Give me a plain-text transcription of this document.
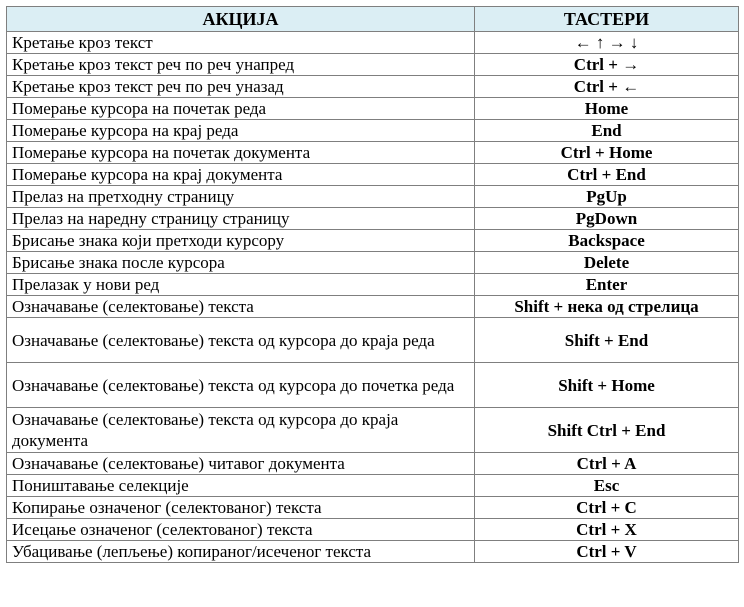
АКЦИЈА	ТАСТЕРИ
Кретање кроз текст	← ↑ → ↓
Кретање кроз текст реч по реч унапред	Ctrl + →
Кретање кроз текст реч по реч уназад	Ctrl + ←
Померање курсора на почетак реда	Home
Померање курсора на крај реда	End
Померање курсора на почетак документа	Ctrl + Home
Померање курсора на крај документа	Ctrl + End
Прелаз на претходну страницу	PgUp
Прелаз на наредну страницу страницу	PgDown
Брисање знака који претходи курсору	Backspace
Брисање знака после курсора	Delete
Прелазак у нови ред	Enter
Означавање (селектовање) текста	Shift + нека од стрелица
Означавање (селектовање) текста од курсора до краја реда	Shift + End
Означавање (селектовање) текста од курсора до почетка реда	Shift + Home
Означавање (селектовање) текста од курсора до краја документа	Shift Ctrl + End
Означавање (селектовање) читавог документа	Ctrl + A
Поништавање селекције	Esc
Копирање означеног (селектованог) текста	Ctrl + C
Исецање означеног (селектованог) текста	Ctrl + X
Убацивање (лепљење) копираног/исеченог текста	Ctrl + V
